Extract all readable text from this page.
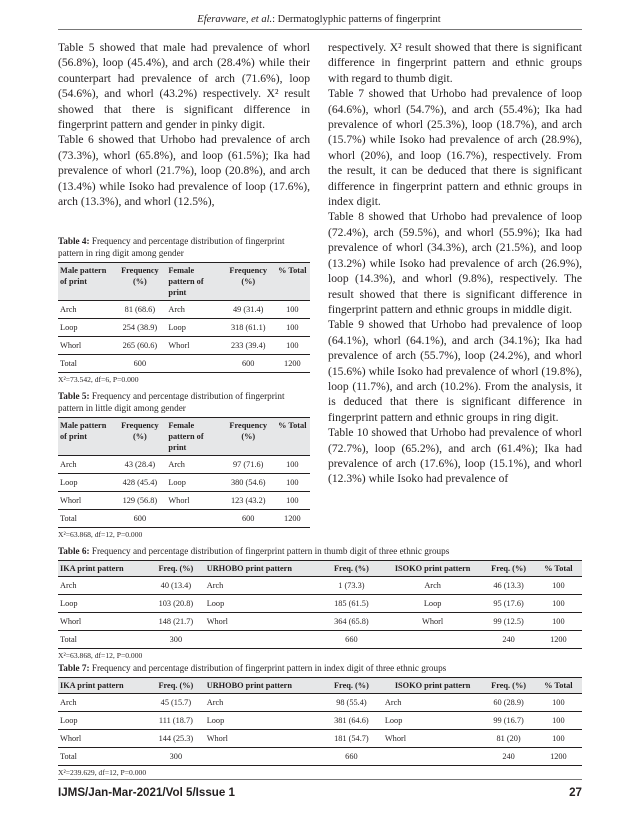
Eferavware, et al.: Dermatoglyphic patterns of fingerprint

Table 5 showed that male had prevalence of whorl (56.8%), loop (45.4%), and arch (28.4%) while their counterpart had prevalence of arch (71.6%), loop (54.6%), and whorl (43.2%) respectively. X² result showed that there is significant difference in fingerprint pattern and gender in pinky digit.

Table 6 showed that Urhobo had prevalence of arch (73.3%), whorl (65.8%), and loop (61.5%); Ika had prevalence of whorl (21.7%), loop (20.8%), and arch (13.4%) while Isoko had prevalence of loop (17.6%), arch (13.3%), and whorl (12.5%),

respectively. X² result showed that there is significant difference in fingerprint pattern and ethnic groups with regard to thumb digit.

Table 7 showed that Urhobo had prevalence of loop (64.6%), whorl (54.7%), and arch (55.4%); Ika had prevalence of whorl (25.3%), loop (18.7%), and arch (15.7%) while Isoko had prevalence of arch (28.9%), whorl (20%), and loop (16.7%), respectively. From the result, it can be deduced that there is significant difference in fingerprint pattern and ethnic groups in index digit.

Table 8 showed that Urhobo had prevalence of loop (72.4%), arch (59.5%), and whorl (55.9%); Ika had prevalence of whorl (34.3%), arch (21.5%), and loop (13.2%) while Isoko had prevalence of arch (26.9%), loop (14.3%), and whorl (9.8%), respectively. The result showed that there is significant difference in fingerprint pattern and ethnic groups in middle digit.

Table 9 showed that Urhobo had prevalence of loop (64.1%), whorl (64.1%), and arch (34.1%); Ika had prevalence of arch (55.7%), loop (24.2%), and whorl (15.6%) while Isoko had prevalence of whorl (19.8%), loop (11.7%), and arch (10.2%). From the analysis, it is deduced that there is significant difference in fingerprint pattern and ethnic groups in ring digit.

Table 10 showed that Urhobo had prevalence of whorl (72.7%), loop (65.2%), and arch (61.4%); Ika had prevalence of arch (17.6%), loop (15.1%), and whorl (12.3%) while Isoko had prevalence of

Table 4: Frequency and percentage distribution of fingerprint pattern in ring digit among gender
Male pattern of print	Frequency (%)	Female pattern of print	Frequency (%)	% Total
Arch	81 (68.6)	Arch	49 (31.4)	100
Loop	254 (38.9)	Loop	318 (61.1)	100
Whorl	265 (60.6)	Whorl	233 (39.4)	100
Total	600		600	1200
X²=73.542, df=6, P=0.000
Table 5: Frequency and percentage distribution of fingerprint pattern in little digit among gender
Male pattern of print	Frequency (%)	Female pattern of print	Frequency (%)	% Total
Arch	43 (28.4)	Arch	97 (71.6)	100
Loop	428 (45.4)	Loop	380 (54.6)	100
Whorl	129 (56.8)	Whorl	123 (43.2)	100
Total	600		600	1200
X²=63.868, df=12, P=0.000
Table 6: Frequency and percentage distribution of fingerprint pattern in thumb digit of three ethnic groups
IKA print pattern	Freq. (%)	URHOBO print pattern	Freq. (%)	ISOKO print pattern	Freq. (%)	% Total
Arch	40 (13.4)	Arch	1 (73.3)	Arch	46 (13.3)	100
Loop	103 (20.8)	Loop	185 (61.5)	Loop	95 (17.6)	100
Whorl	148 (21.7)	Whorl	364 (65.8)	Whorl	99 (12.5)	100
Total	300		660		240	1200
X²=63.868, df=12, P=0.000
Table 7: Frequency and percentage distribution of fingerprint pattern in index digit of three ethnic groups
IKA print pattern	Freq. (%)	URHOBO print pattern	Freq. (%)	ISOKO print pattern	Freq. (%)	% Total
Arch	45 (15.7)	Arch	98 (55.4)	Arch	60 (28.9)	100
Loop	111 (18.7)	Loop	381 (64.6)	Loop	99 (16.7)	100
Whorl	144 (25.3)	Whorl	181 (54.7)	Whorl	81 (20)	100
Total	300		660		240	1200
X²=239.629, df=12, P=0.000
IJMS/Jan-Mar-2021/Vol 5/Issue 1	27
